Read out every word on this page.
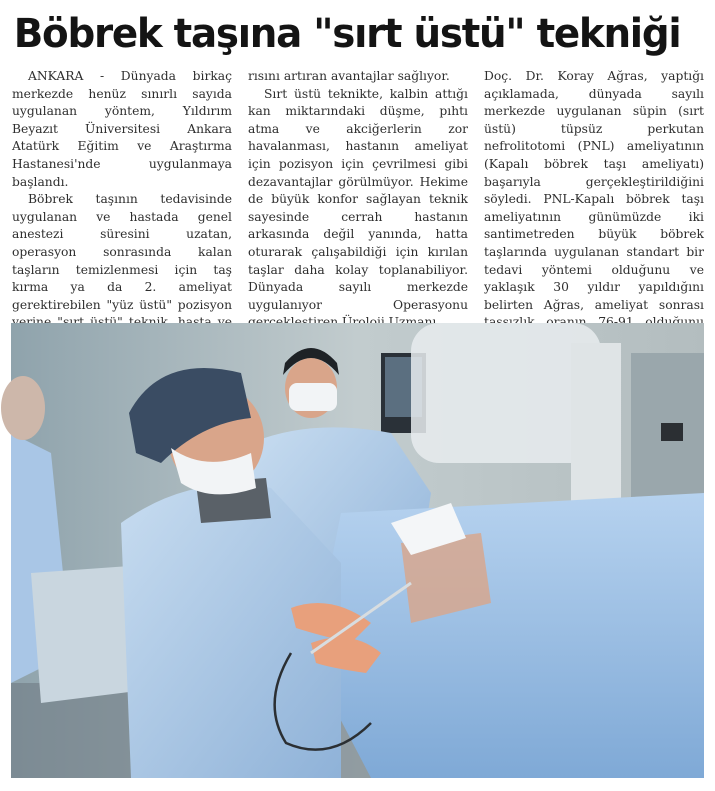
Böbrek taşına "sırt üstü" tekniği

ANKARA - Dünyada birkaç merkezde henüz sınırlı sayıda uygulanan yöntem, Yıldırım Beyazıt Üniversitesi Ankara Atatürk Eğitim ve Araştırma Hastanesi'nde uygulanmaya başlandı.

Böbrek taşının tedavisinde uygulanan ve hastada genel anestezi süresini uzatan, operasyon sonrasında kalan taşların temizlenmesi için taş kırma ya da 2. ameliyat gerektirebilen "yüz üstü" pozisyon

rısını artıran avantajlar sağlıyor.

Sırt üstü teknikte, kalbin attığı kan miktarındaki düşme, pıhtı atma ve akciğerlerin zor havalanması, hastanın ameliyat için pozisyon için çevrilmesi gibi dezavantajlar görülmüyor. Hekime de büyük konfor sağlayan teknik sayesinde cerrah hastanın arkasında değil yanında, hatta oturarak çalışabildiği için kırılan taşlar daha kolay toplanabiliyor. Dünyada sayılı merkezde uygulanıyor Operasyonu

Doç. Dr. Koray Ağras, yaptığı açıklamada, dünyada sayılı merkezde uygulanan süpin (sırt üstü) tüpsüz perkutan nefrolitotomi (PNL) ameliyatının (Kapalı böbrek taşı ameliyatı) başarıyla gerçekleştirildiğini söyledi. PNL-Kapalı böbrek taşı ameliyatının günümüzde iki santimetreden büyük böbrek taşlarında uygulanan standart bir tedavi yöntemi olduğunu ve yaklaşık 30 yıldır yapıldığını belirten Ağras, ameliyat sonrası
